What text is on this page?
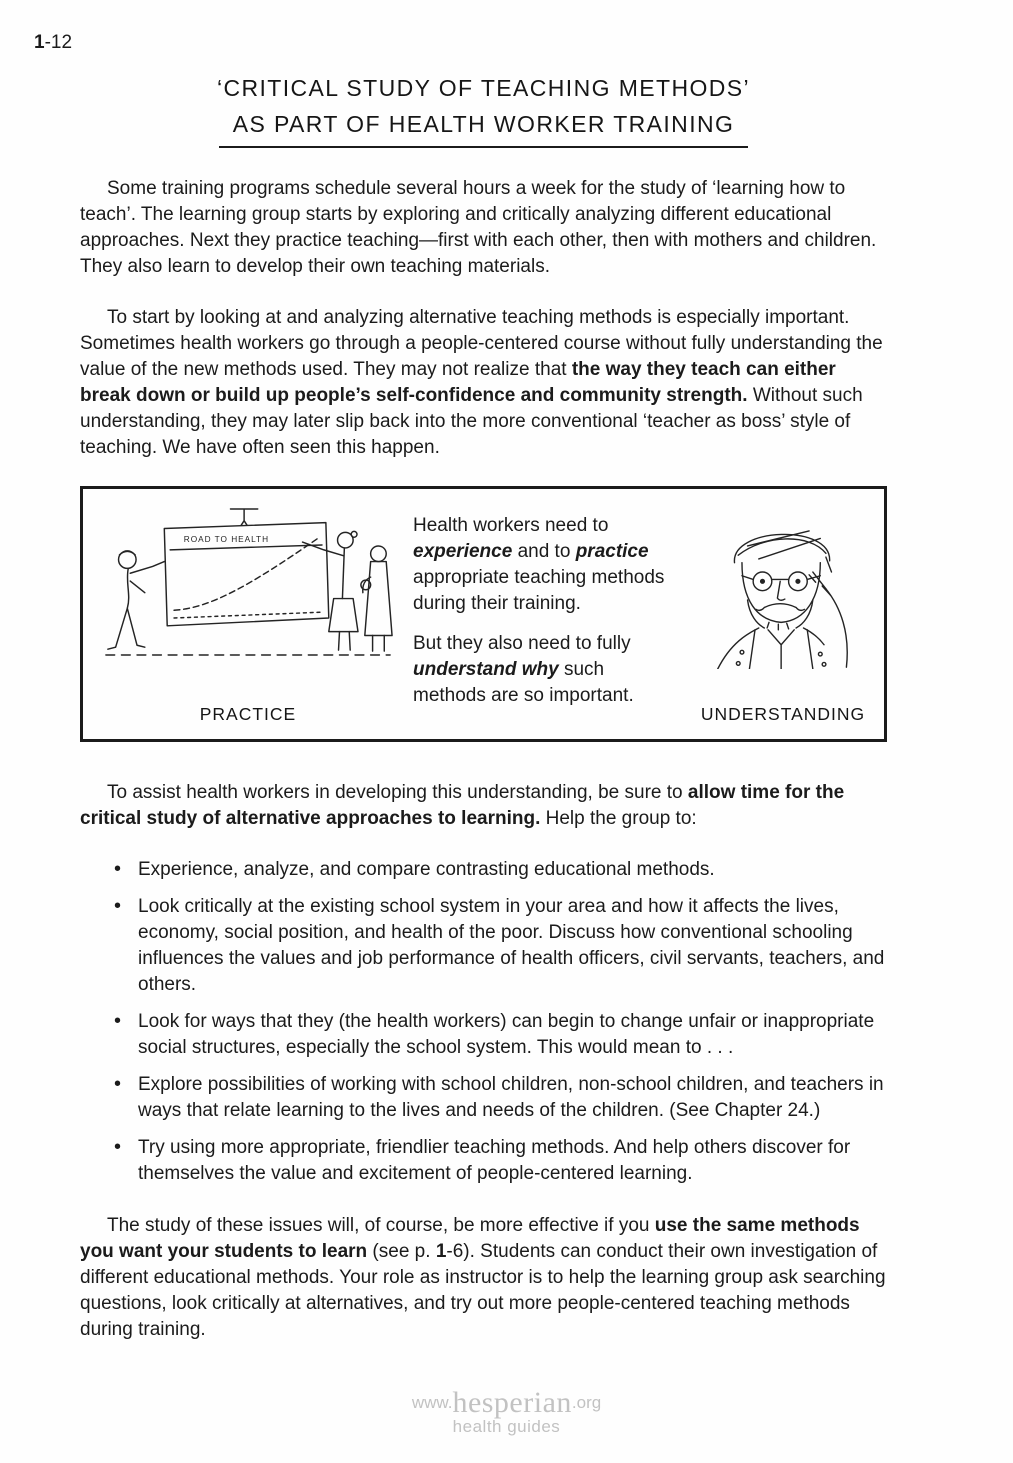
1-12
‘CRITICAL STUDY OF TEACHING METHODS’
AS PART OF HEALTH WORKER TRAINING

Some training programs schedule several hours a week for the study of ‘learning how to teach’. The learning group starts by exploring and critically analyzing different educational approaches. Next they practice teaching—first with each other, then with mothers and children. They also learn to develop their own teaching materials.

To start by looking at and analyzing alternative teaching methods is especially important. Sometimes health workers go through a people-centered course without fully understanding the value of the new methods used. They may not realize that the way they teach can either break down or build up people’s self-confidence and community strength. Without such understanding, they may later slip back into the more conventional ‘teacher as boss’ style of teaching. We have often seen this happen.

ROAD TO HEALTH
PRACTICE

Health workers need to experience and to practice appropriate teaching methods during their training.

But they also need to fully understand why such methods are so important.

UNDERSTANDING

To assist health workers in developing this understanding, be sure to allow time for the critical study of alternative approaches to learning. Help the group to:

• Experience, analyze, and compare contrasting educational methods.
• Look critically at the existing school system in your area and how it affects the lives, economy, social position, and health of the poor. Discuss how conventional schooling influences the values and job performance of health officers, civil servants, teachers, and others.
• Look for ways that they (the health workers) can begin to change unfair or inappropriate social structures, especially the school system. This would mean to . . .
• Explore possibilities of working with school children, non-school children, and teachers in ways that relate learning to the lives and needs of the children. (See Chapter 24.)
• Try using more appropriate, friendlier teaching methods. And help others discover for themselves the value and excitement of people-centered learning.

The study of these issues will, of course, be more effective if you use the same methods you want your students to learn (see p. 1-6). Students can conduct their own investigation of different educational methods. Your role as instructor is to help the learning group ask searching questions, look critically at alternatives, and try out more people-centered teaching methods during training.

www.hesperian.org
health guides
